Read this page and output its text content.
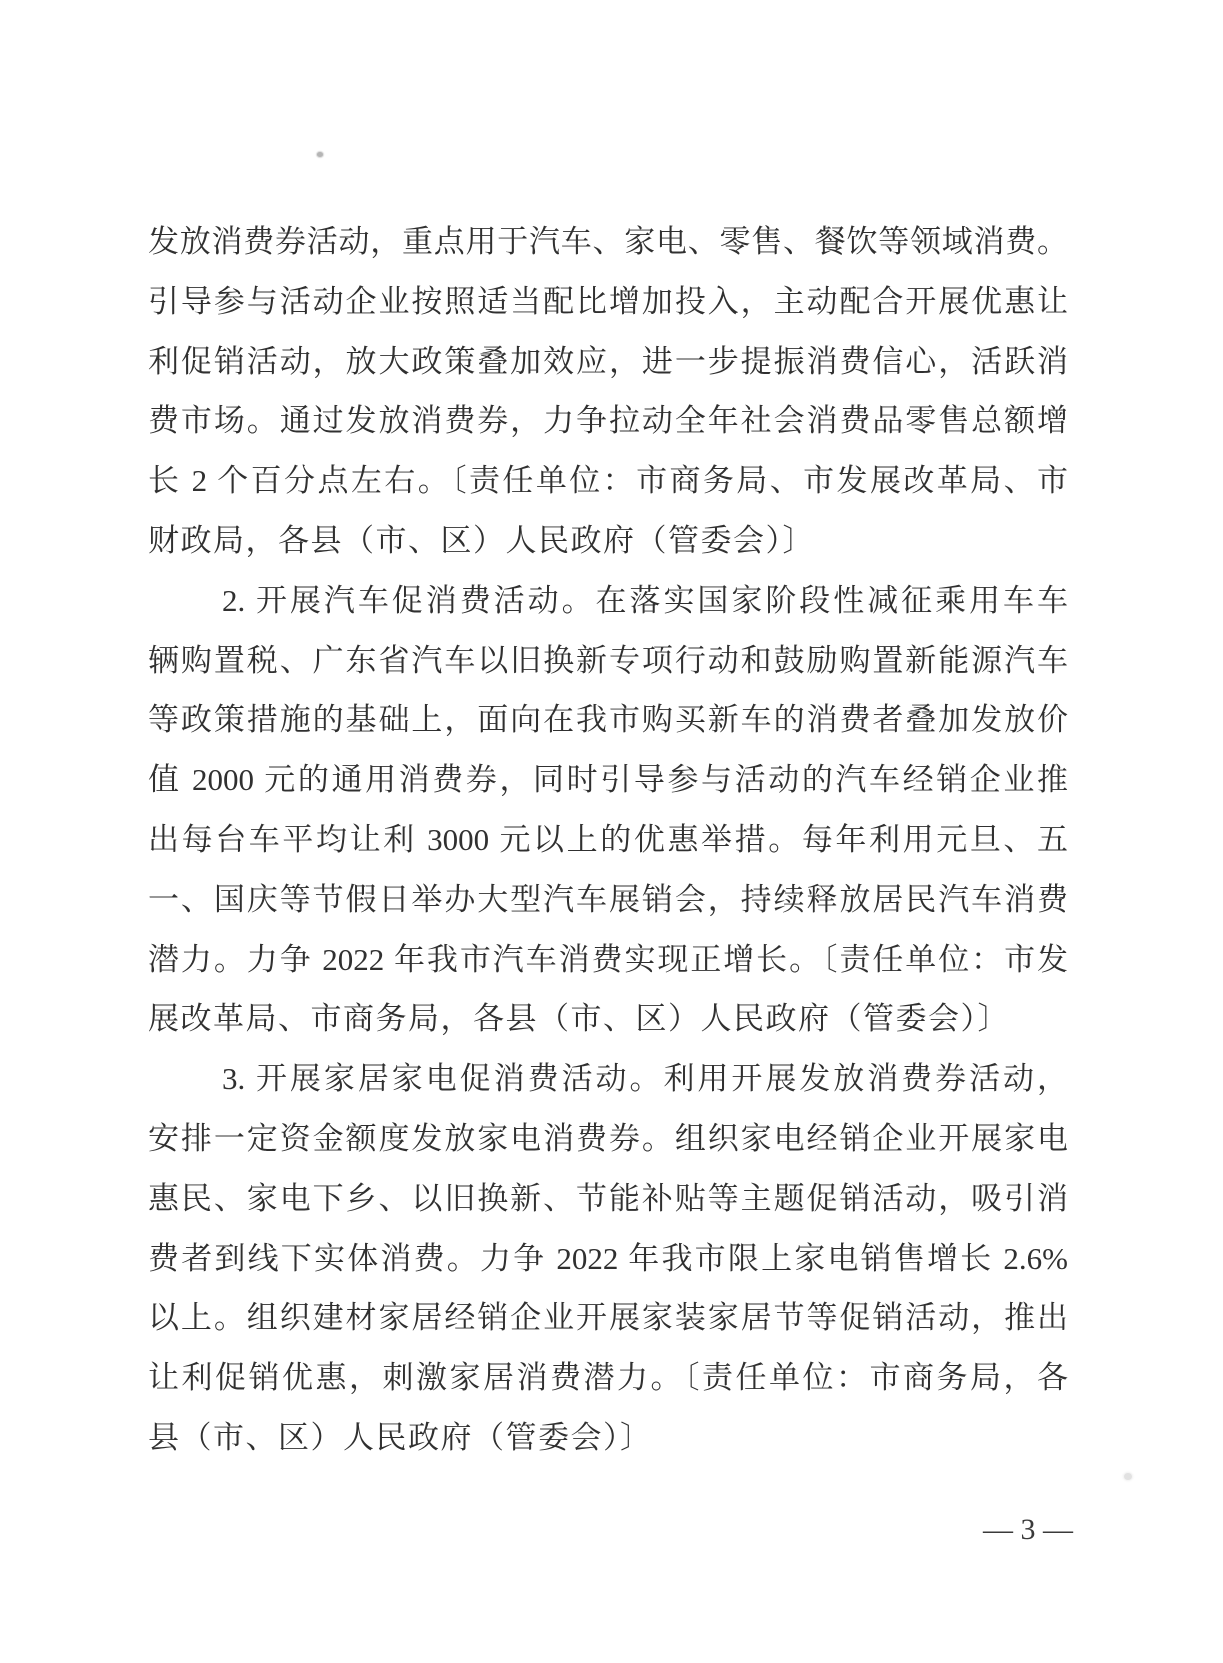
发放消费券活动，重点用于汽车、家电、零售、餐饮等领域消费。
引导参与活动企业按照适当配比增加投入，主动配合开展优惠让
利促销活动，放大政策叠加效应，进一步提振消费信心，活跃消
费市场。通过发放消费券，力争拉动全年社会消费品零售总额增
长 2 个百分点左右。〔责任单位：市商务局、市发展改革局、市
财政局，各县（市、区）人民政府（管委会）〕
2. 开展汽车促消费活动。在落实国家阶段性减征乘用车车
辆购置税、广东省汽车以旧换新专项行动和鼓励购置新能源汽车
等政策措施的基础上，面向在我市购买新车的消费者叠加发放价
值 2000 元的通用消费券，同时引导参与活动的汽车经销企业推
出每台车平均让利 3000 元以上的优惠举措。每年利用元旦、五
一、国庆等节假日举办大型汽车展销会，持续释放居民汽车消费
潜力。力争 2022 年我市汽车消费实现正增长。〔责任单位：市发
展改革局、市商务局，各县（市、区）人民政府（管委会）〕
3. 开展家居家电促消费活动。利用开展发放消费券活动，
安排一定资金额度发放家电消费券。组织家电经销企业开展家电
惠民、家电下乡、以旧换新、节能补贴等主题促销活动，吸引消
费者到线下实体消费。力争 2022 年我市限上家电销售增长 2.6%
以上。组织建材家居经销企业开展家装家居节等促销活动，推出
让利促销优惠，刺激家居消费潜力。〔责任单位：市商务局，各
县（市、区）人民政府（管委会）〕
— 3 —
